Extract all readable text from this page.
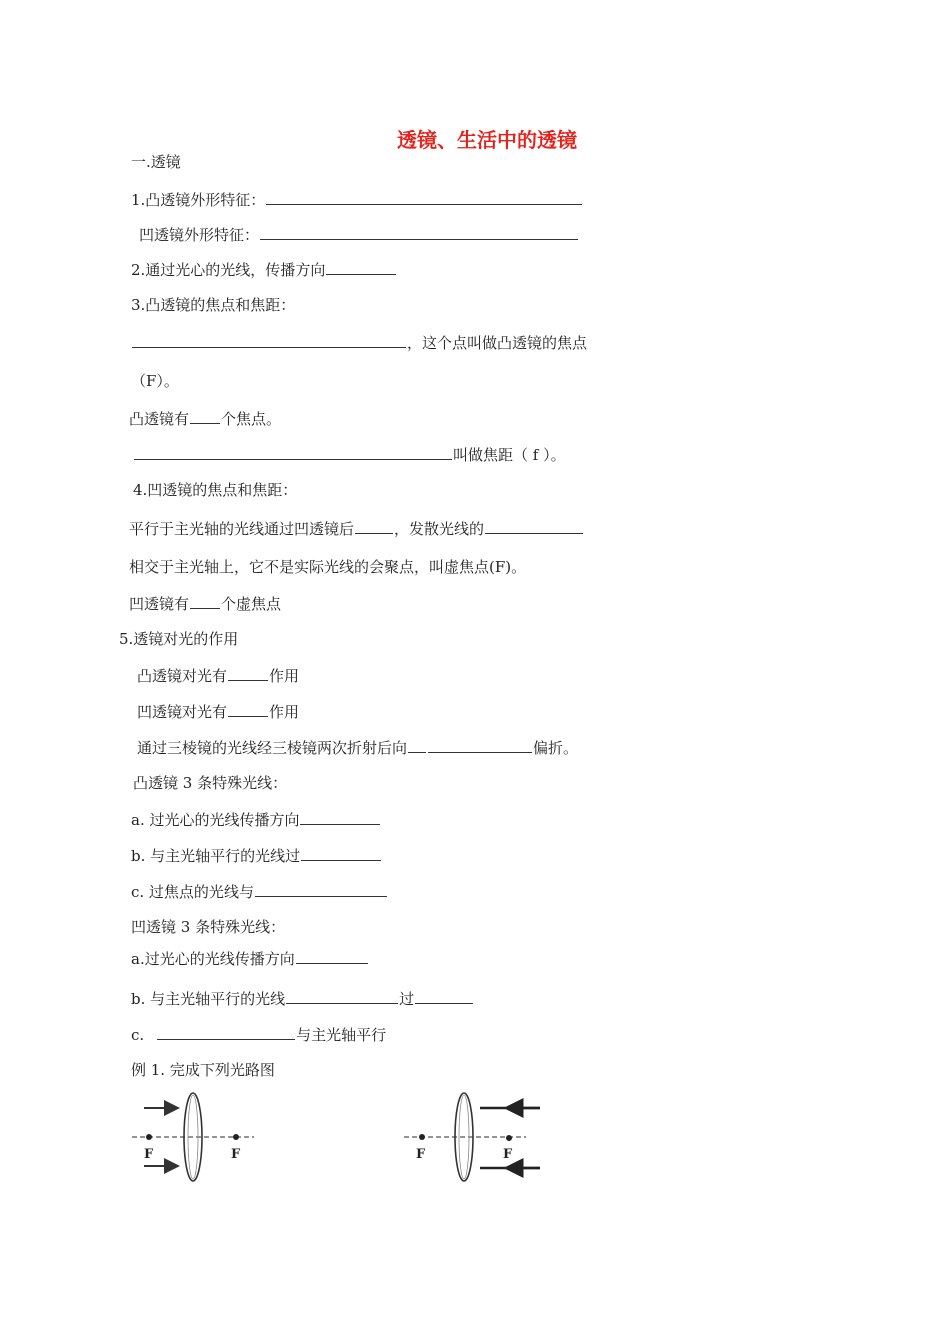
透镜、生活中的透镜
一.透镜
1.凸透镜外形特征：
凹透镜外形特征：
2.通过光心的光线，传播方向
3.凸透镜的焦点和焦距：
，这个点叫做凸透镜的焦点
（F）。
凸透镜有 个焦点。
叫做焦距（ f ）。
4.凹透镜的焦点和焦距：
平行于主光轴的光线通过凹透镜后	，发散光线的
相交于主光轴上，它不是实际光线的会聚点，叫虚焦点(F)。
凹透镜有 个虚焦点
5.透镜对光的作用
凸透镜对光有	作用
凹透镜对光有	作用
通过三棱镜的光线经三棱镜两次折射后向	偏折。
凸透镜 3 条特殊光线：
a. 过光心的光线传播方向
b. 与主光轴平行的光线过
c. 过焦点的光线与
凹透镜 3 条特殊光线：
a.过光心的光线传播方向
b. 与主光轴平行的光线	过
c.	与主光轴平行
例 1. 完成下列光路图
F	F	F	F
